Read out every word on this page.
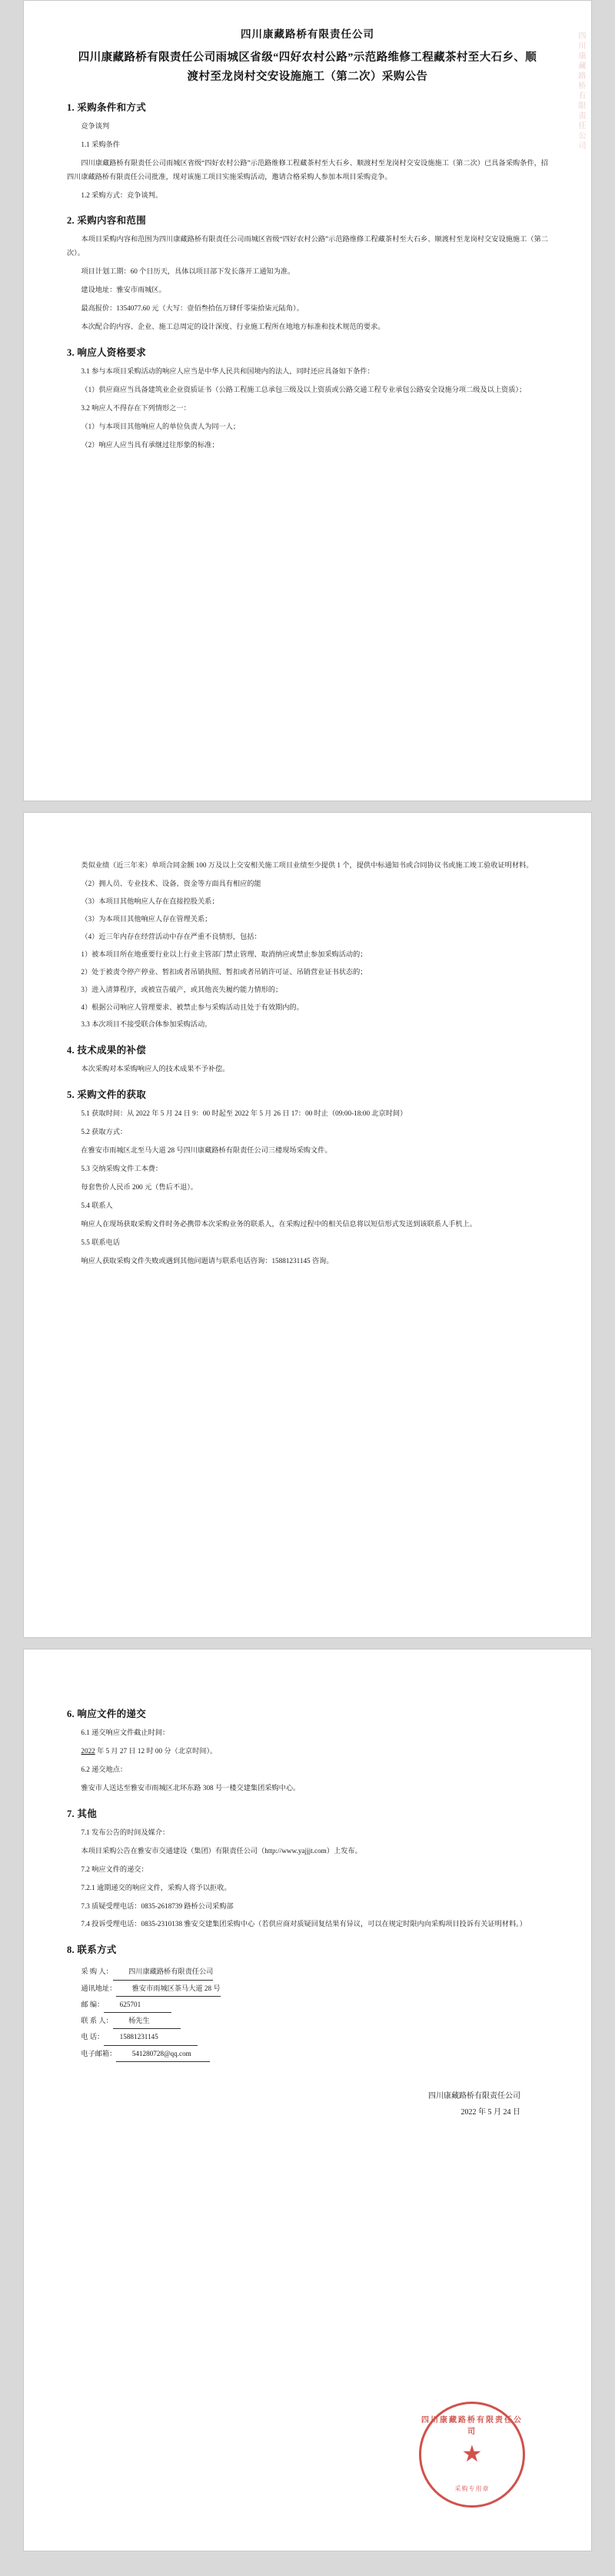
四川康藏路桥有限责任公司
四川康藏路桥有限责任公司
四川康藏路桥有限责任公司雨城区省级“四好农村公路”示范路维修工程藏茶村至大石乡、顺渡村至龙岗村交安设施施工（第二次）采购公告
1. 采购条件和方式

竞争谈判

1.1 采购条件

四川康藏路桥有限责任公司雨城区省级“四好农村公路”示范路维修工程藏茶村至大石乡、顺渡村至龙岗村交安设施施工（第二次）已具备采购条件，招四川康藏路桥有限责任公司批准，现对该施工项目实施采购活动，邀请合格采购人参加本项目采购竞争。

1.2 采购方式：竞争谈判。

2. 采购内容和范围

本项目采购内容和范围为四川康藏路桥有限责任公司雨城区省级“四好农村公路”示范路维修工程藏茶村至大石乡、顺渡村至龙岗村交安设施施工（第二次）。

项目计划工期：60 个日历天，具体以项目部下发长落开工通知为准。

建设地址：雅安市雨城区。

最高报价：1354077.60 元（大写：壹佰叁拾伍万肆仟零柒拾柒元陆角）。

本次配合的内容、企业、施工总周定的设计深度、行业施工程所在地地方标准和技术规范的要求。

3. 响应人资格要求

3.1 参与本项目采购活动的响应人应当是中华人民共和国境内的法人，同时还应具备如下条件：

（1）供应商应当具备建筑业企业资质证书（公路工程施工总承包三级及以上资质或公路交通工程专业承包公路安全设施分项二级及以上资质）；

3.2 响应人不得存在下列情形之一：

（1）与本项目其他响应人的单位负责人为同一人；

（2）响应人应当具有承继过往形象的标准；

类似业绩（近三年来）单项合同金额 100 万及以上交安相关施工项目业绩至少提供 1 个，提供中标通知书或合同协议书或施工竣工验收证明材料。

（2）拥人员、专业技术、设备、资金等方面具有相应的能

（3）本项目其他响应人存在直接控股关系；

（3）为本项目其他响应人存在管理关系；

（4）近三年内存在经营活动中存在严重不良情形，包括：

1）被本项目所在地重要行业以上行业主管部门禁止管理、取消纳应或禁止参加采购活动的；

2）处于被责令停产停业、暂扣或者吊销执照、暂扣或者吊销许可证、吊销营业证书状态的；

3）进入清算程序，或被宣告破产，或其他丧失履约能力情形的；

4）根据公司响应人管理要求、被禁止参与采购活动且处于有效期内的。

3.3 本次项目不接受联合体参加采购活动。

4. 技术成果的补偿

本次采购对本采购响应人的技术成果不予补偿。

5. 采购文件的获取

5.1 获取时间：从 2022 年 5 月 24 日 9：00 时起至 2022 年 5 月 26 日 17：00 时止（09:00-18:00 北京时间）

5.2 获取方式：

在雅安市雨城区北至马大道 28 号四川康藏路桥有限责任公司三楼现场采购文件。

5.3 交纳采购文件工本费：

每套售价人民币 200 元（售后不退）。

5.4 联系人

响应人在现场获取采购文件时务必携带本次采购业务的联系人，在采购过程中的相关信息将以短信形式发送到该联系人手机上。

5.5 联系电话

响应人获取采购文件失败或遇到其他问题请与联系电话咨询：15881231145 咨询。

6. 响应文件的递交

6.1 递交响应文件截止时间：

2022 年 5 月 27 日 12 时 00 分（北京时间）。

6.2 递交地点：

雅安市人送达至雅安市雨城区北环东路 308 号一楼交建集团采购中心。

7. 其他

7.1 发布公告的时间及媒介：

本项目采购公告在雅安市交通建设（集团）有限责任公司（http://www.yajjjt.com）上发布。

7.2 响应文件的递交：

7.2.1 逾期递交的响应文件，采购人将予以拒收。

7.3 质疑受理电话：0835-2618739 路桥公司采购部

7.4 投诉受理电话：0835-2310138 雅安交建集团采购中心（若供应商对质疑回复结果有异议，可以在规定时限内向采购项目投诉有关证明材料。）

8. 联系方式
采 购 人： 四川康藏路桥有限责任公司
通讯地址： 雅安市雨城区茶马大道 28 号
邮 编： 625701
联 系 人： 杨先生
电 话： 15881231145
电子邮箱： 541280728@qq.com
四川康藏路桥有限责任公司
2022 年 5 月 24 日
四川康藏路桥有限责任公司
★
采购专用章
